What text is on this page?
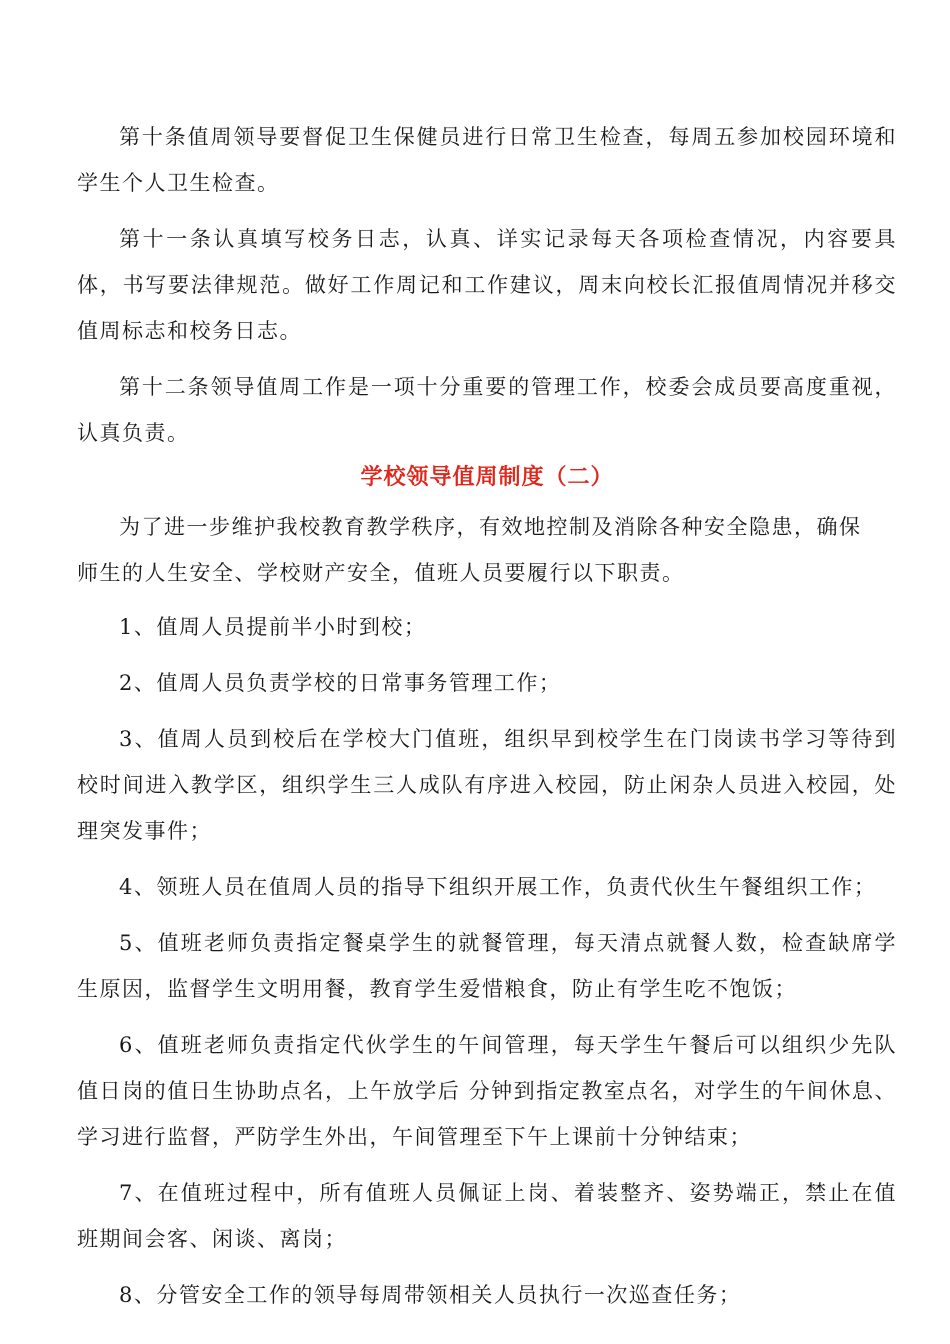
第十条值周领导要督促卫生保健员进行日常卫生检查，每周五参加校园环境和学生个人卫生检查。

第十一条认真填写校务日志，认真、详实记录每天各项检查情况，内容要具体，书写要法律规范。做好工作周记和工作建议，周末向校长汇报值周情况并移交值周标志和校务日志。

第十二条领导值周工作是一项十分重要的管理工作，校委会成员要高度重视，认真负责。

学校领导值周制度（二）

为了进一步维护我校教育教学秩序，有效地控制及消除各种安全隐患，确保
师生的人生安全、学校财产安全，值班人员要履行以下职责。

1、值周人员提前半小时到校；

2、值周人员负责学校的日常事务管理工作；

3、值周人员到校后在学校大门值班，组织早到校学生在门岗读书学习等待到校时间进入教学区，组织学生三人成队有序进入校园，防止闲杂人员进入校园，处理突发事件；

4、领班人员在值周人员的指导下组织开展工作，负责代伙生午餐组织工作；

5、值班老师负责指定餐桌学生的就餐管理，每天清点就餐人数，检查缺席学生原因，监督学生文明用餐，教育学生爱惜粮食，防止有学生吃不饱饭；

6、值班老师负责指定代伙学生的午间管理，每天学生午餐后可以组织少先队值日岗的值日生协助点名，上午放学后 分钟到指定教室点名，对学生的午间休息、学习进行监督，严防学生外出，午间管理至下午上课前十分钟结束；

7、在值班过程中，所有值班人员佩证上岗、着装整齐、姿势端正，禁止在值班期间会客、闲谈、离岗；

8、分管安全工作的领导每周带领相关人员执行一次巡查任务；
